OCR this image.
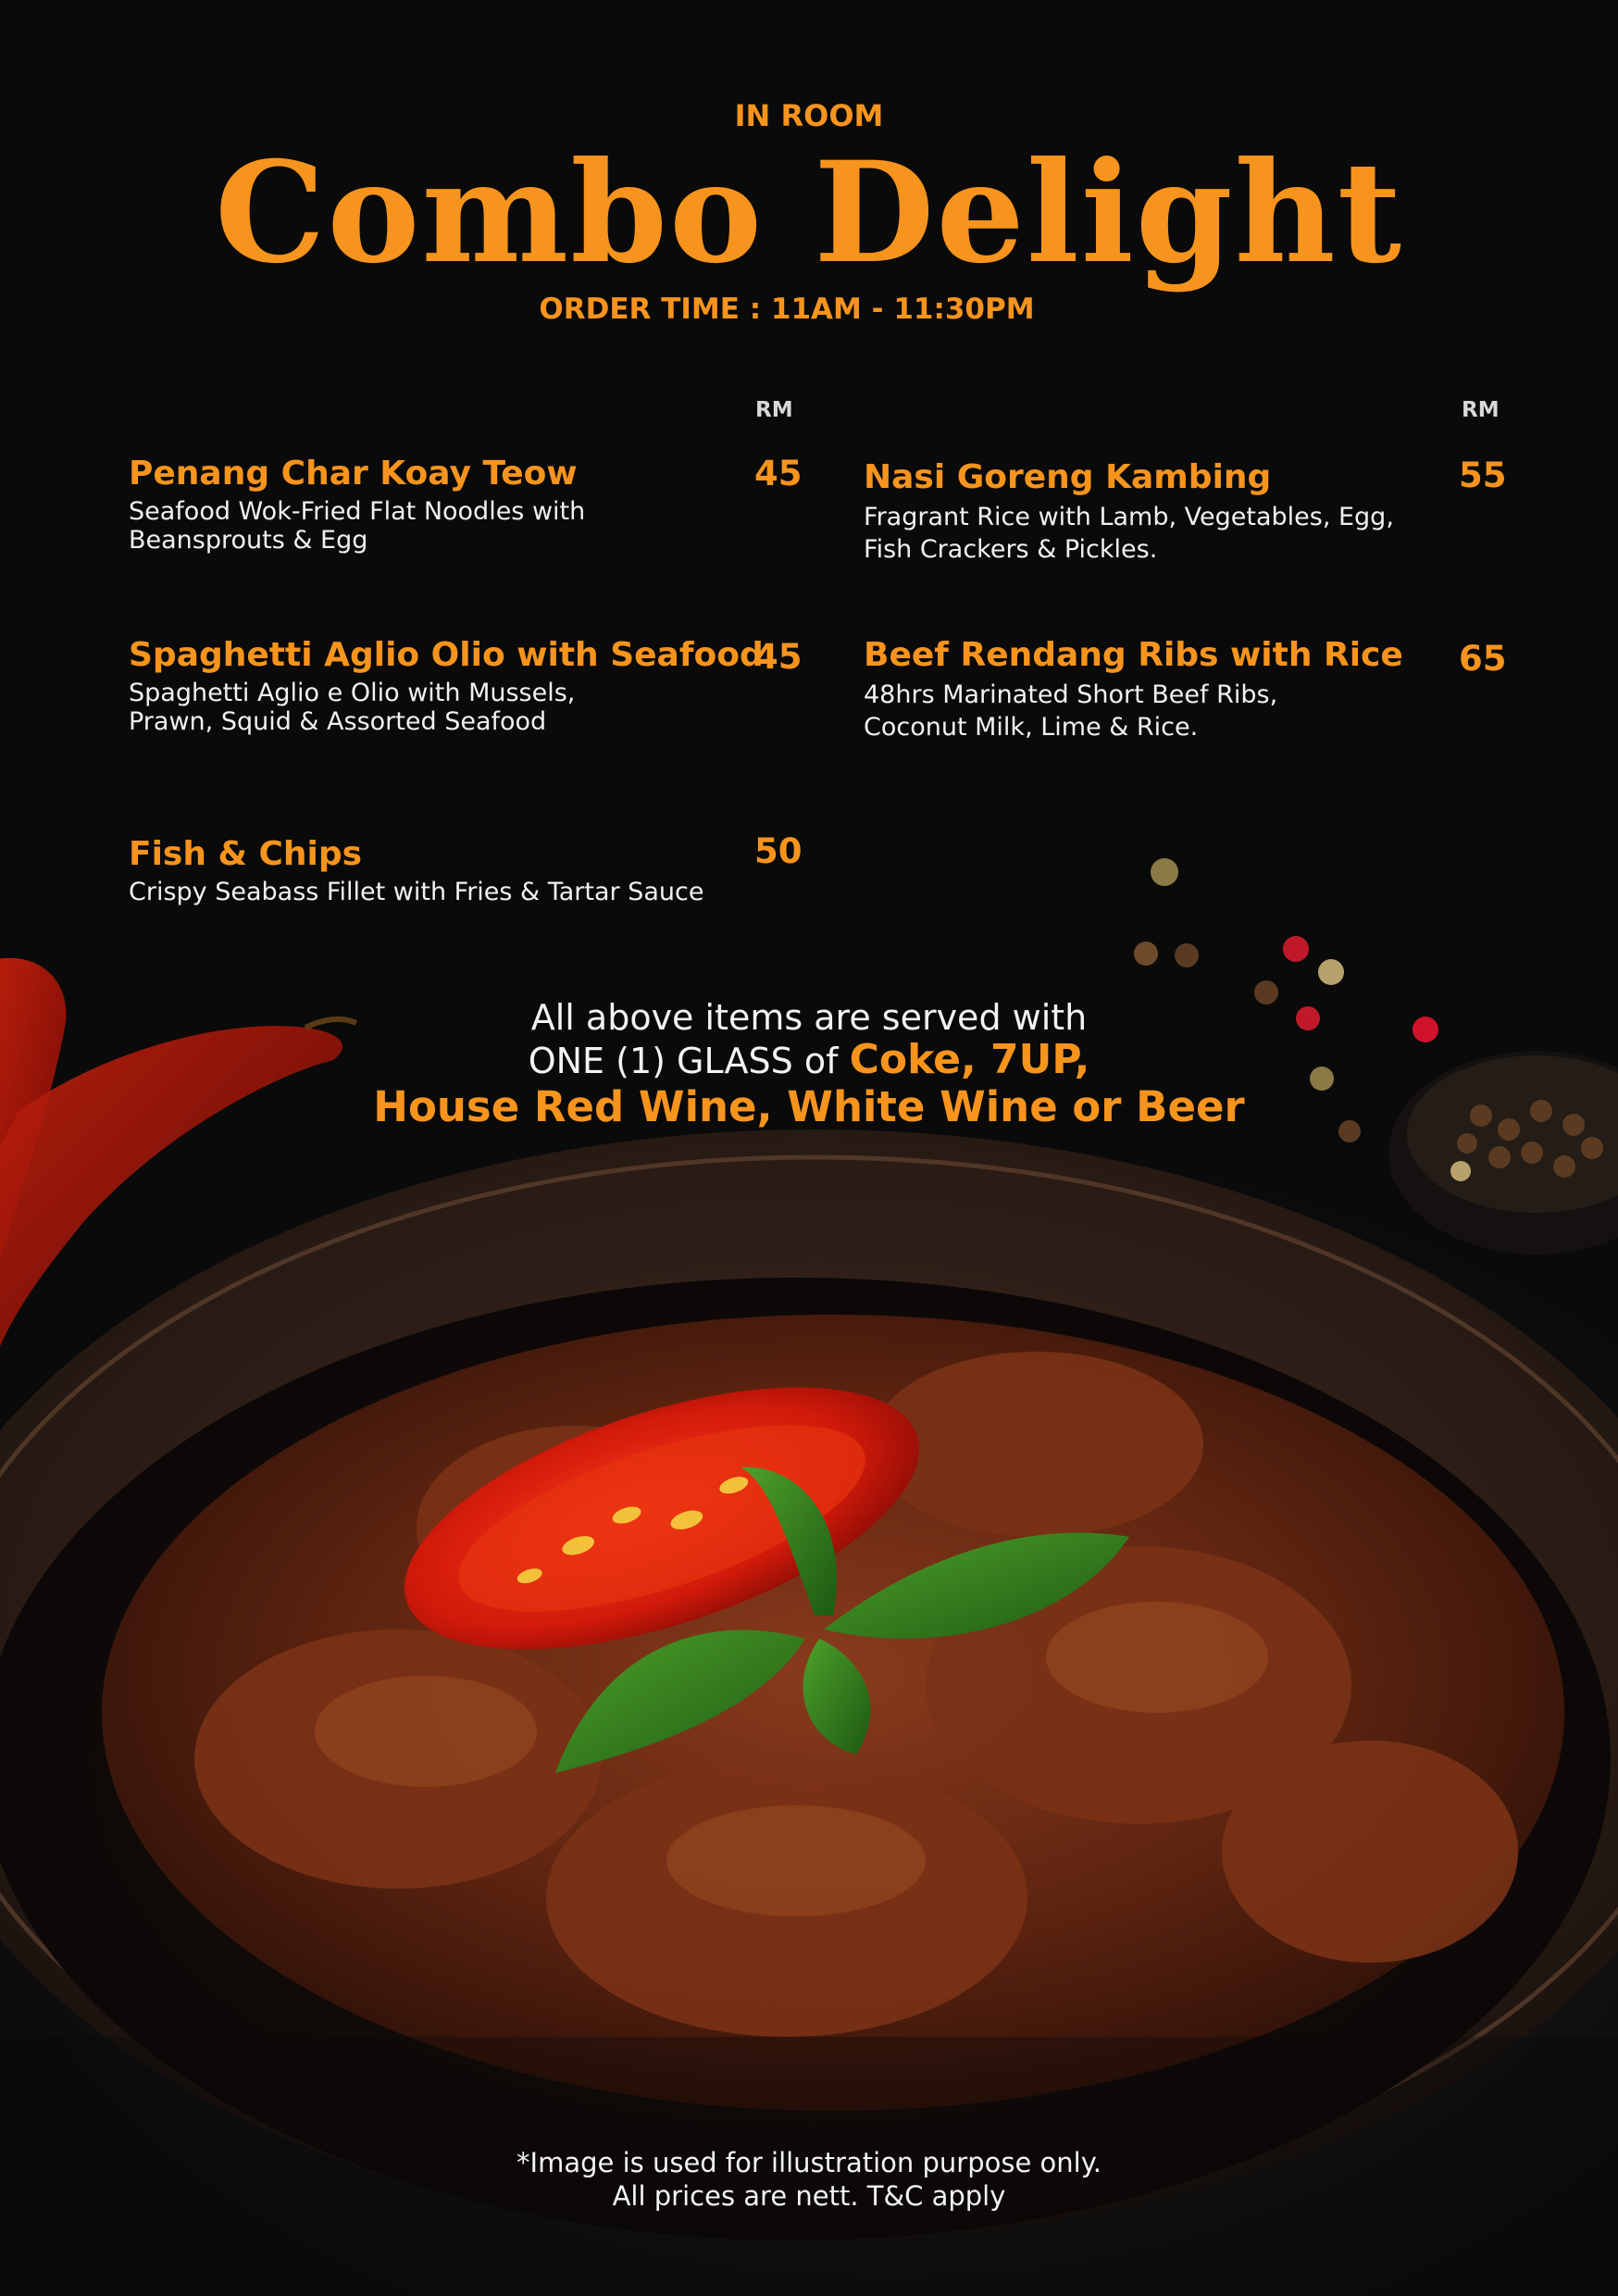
IN ROOM
Combo Delight
ORDER TIME : 11AM - 11:30PM
RM	RM
Penang Char Koay Teow
Seafood Wok-Fried Flat Noodles with
Beansprouts & Egg
45
Spaghetti Aglio Olio with Seafood
Spaghetti Aglio e Olio with Mussels,
Prawn, Squid & Assorted Seafood
45
Fish & Chips
Crispy Seabass Fillet with Fries & Tartar Sauce
50
Nasi Goreng Kambing
Fragrant Rice with Lamb, Vegetables, Egg,
Fish Crackers & Pickles.
55
Beef Rendang Ribs with Rice
48hrs Marinated Short Beef Ribs,
Coconut Milk, Lime & Rice.
65
All above items are served with
ONE (1) GLASS of Coke, 7UP,
House Red Wine, White Wine or Beer
*Image is used for illustration purpose only.
All prices are nett. T&C apply
